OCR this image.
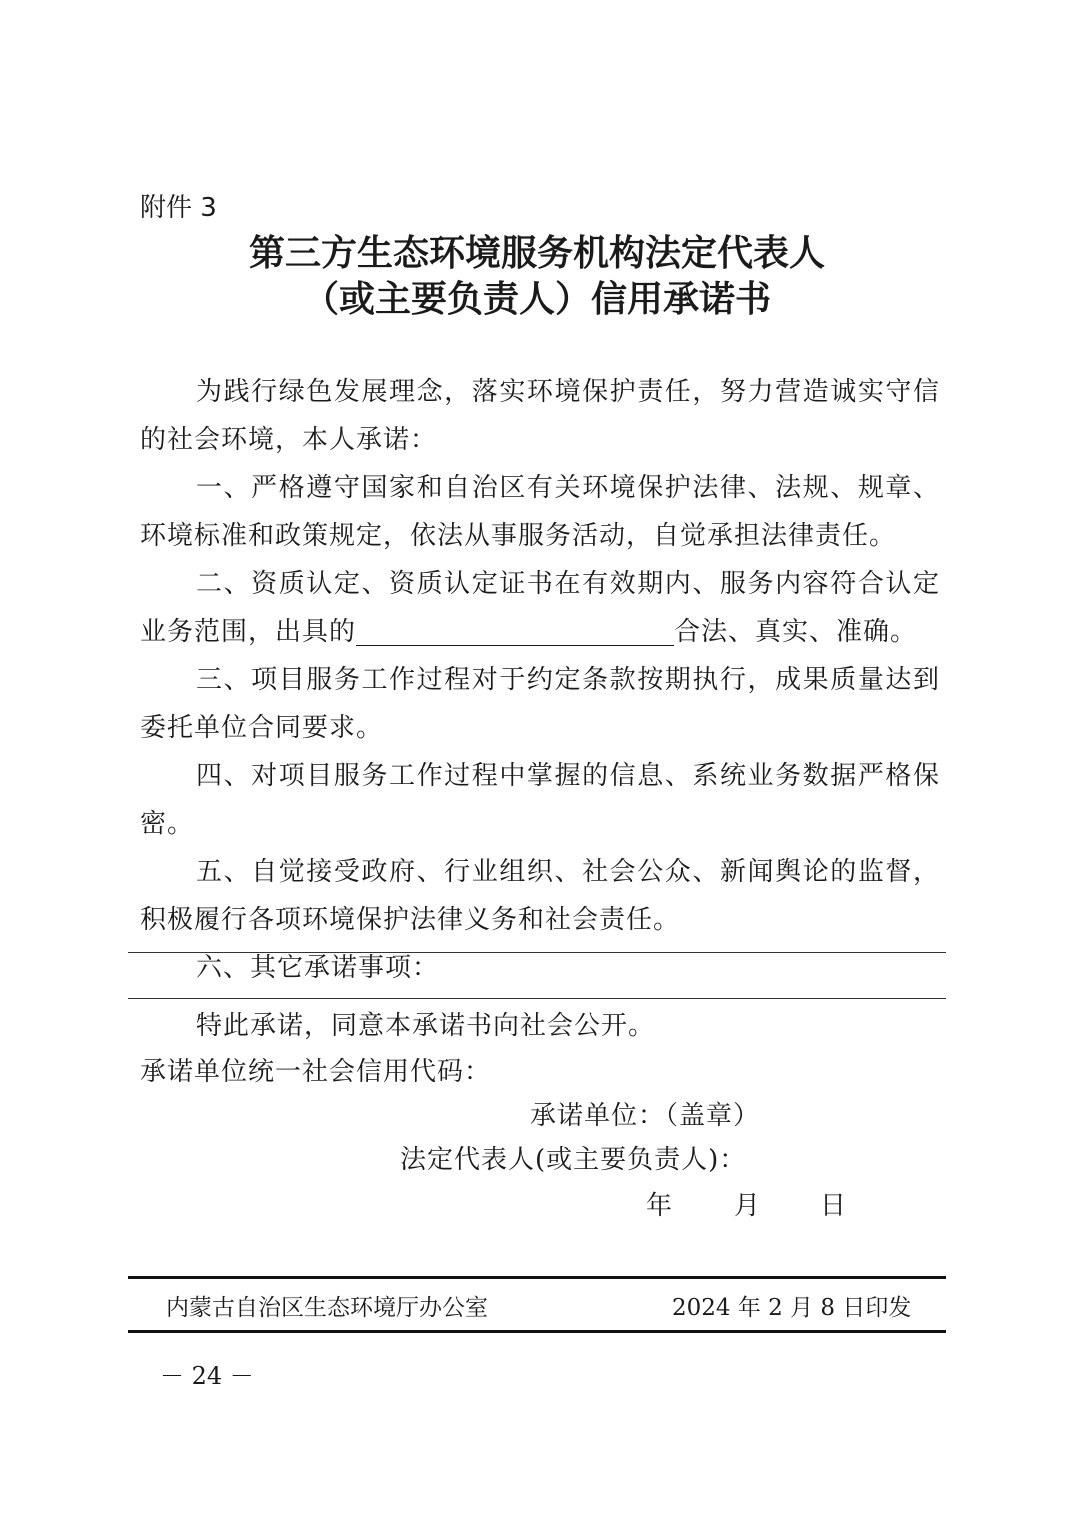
附件 3
第三方生态环境服务机构法定代表人
（或主要负责人）信用承诺书

为践行绿色发展理念，落实环境保护责任，努力营造诚实守信的社会环境，本人承诺：

一、严格遵守国家和自治区有关环境保护法律、法规、规章、环境标准和政策规定，依法从事服务活动，自觉承担法律责任。

二、资质认定、资质认定证书在有效期内、服务内容符合认定业务范围，出具的	合法、真实、准确。

三、项目服务工作过程对于约定条款按期执行，成果质量达到委托单位合同要求。

四、对项目服务工作过程中掌握的信息、系统业务数据严格保密。

五、自觉接受政府、行业组织、社会公众、新闻舆论的监督，积极履行各项环境保护法律义务和社会责任。

六、其它承诺事项：

特此承诺，同意本承诺书向社会公开。
承诺单位统一社会信用代码：
承诺单位：（盖章）
法定代表人(或主要负责人)：
年 月 日
内蒙古自治区生态环境厅办公室	2024 年 2 月 8 日印发
－ 24 －
